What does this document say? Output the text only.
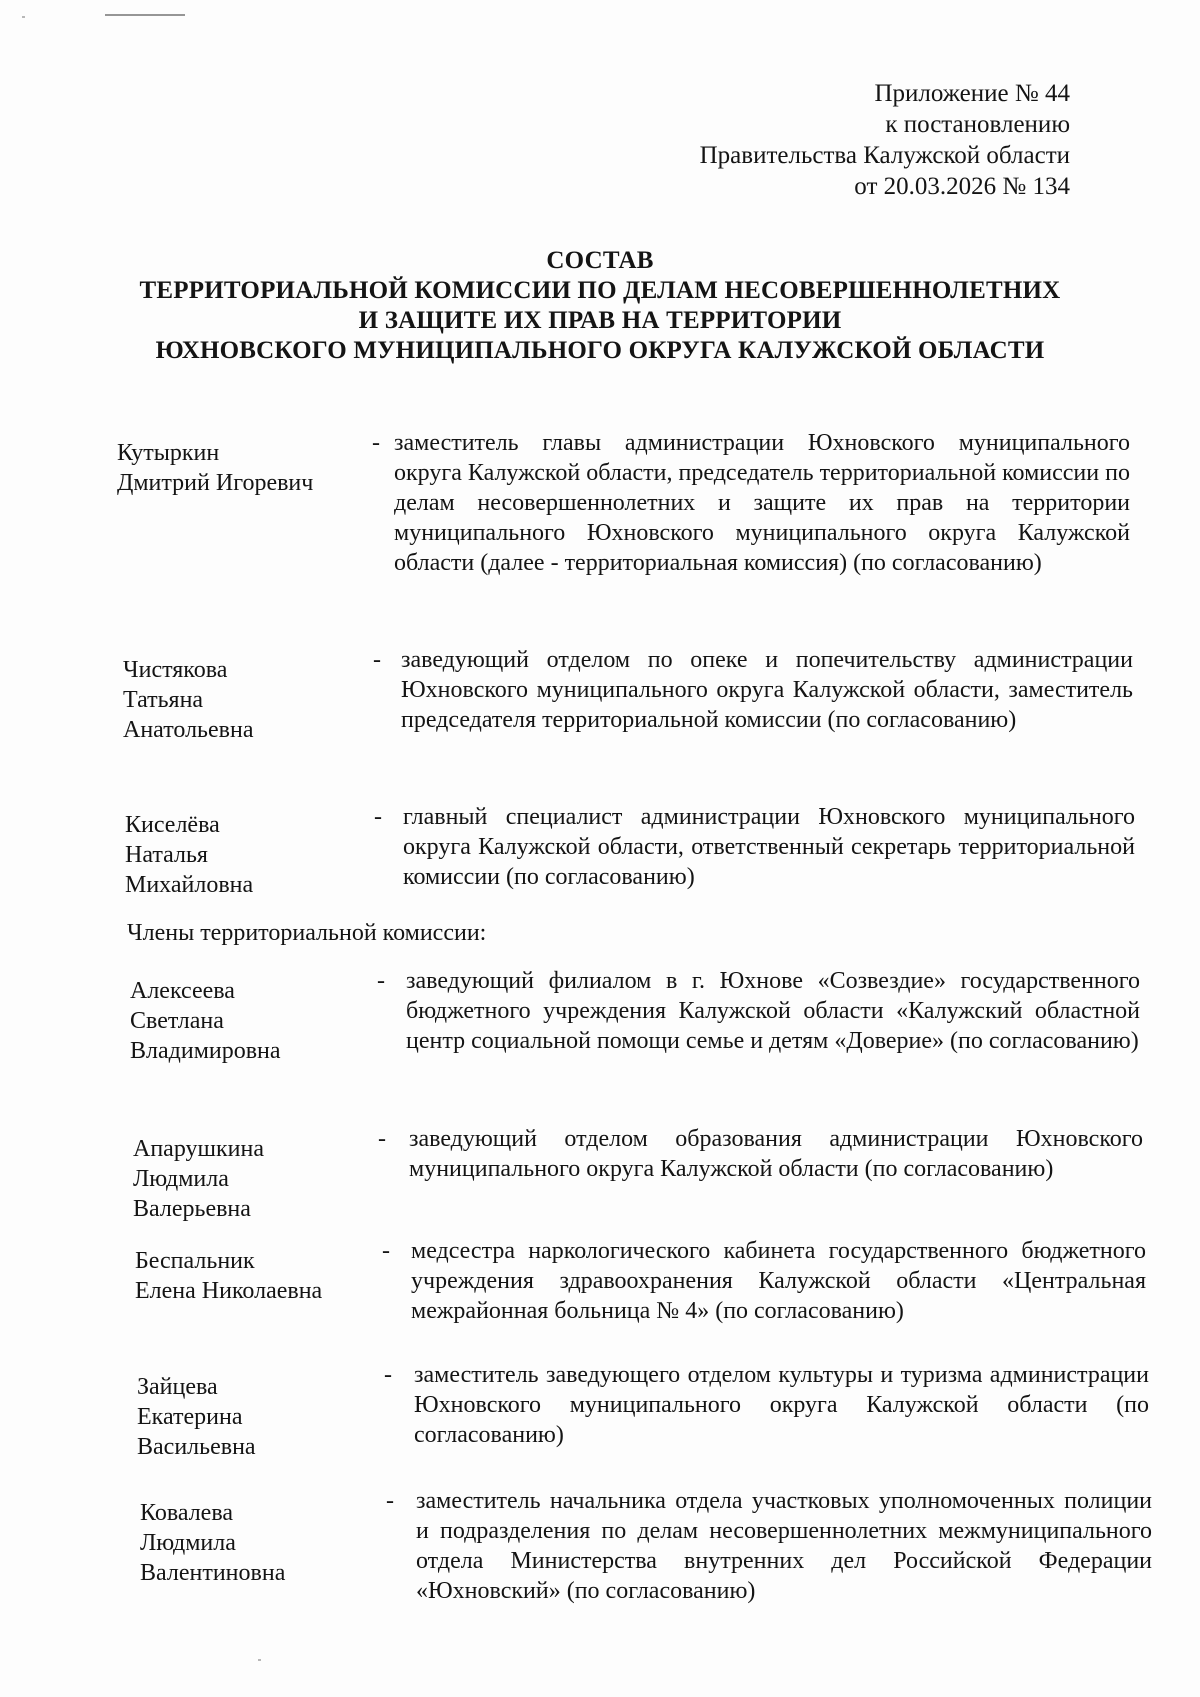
Приложение № 44
к постановлению
Правительства Калужской области
от 20.03.2026 № 134
СОСТАВ
ТЕРРИТОРИАЛЬНОЙ КОМИССИИ ПО ДЕЛАМ НЕСОВЕРШЕННОЛЕТНИХ
И ЗАЩИТЕ ИХ ПРАВ НА ТЕРРИТОРИИ
ЮХНОВСКОГО МУНИЦИПАЛЬНОГО ОКРУГА КАЛУЖСКОЙ ОБЛАСТИ
Кутыркин
Дмитрий Игоревич
- заместитель главы администрации Юхновского муниципального округа Калужской области, председатель территориальной комиссии по делам несовершеннолетних и защите их прав на территории муниципального Юхновского муниципального округа Калужской области (далее - территориальная комиссия) (по согласованию)
Чистякова
Татьяна
Анатольевна
- заведующий отделом по опеке и попечительству администрации Юхновского муниципального округа Калужской области, заместитель председателя территориальной комиссии (по согласованию)
Киселёва
Наталья
Михайловна
- главный специалист администрации Юхновского муниципального округа Калужской области, ответственный секретарь территориальной комиссии (по согласованию)
Члены территориальной комиссии:
Алексеева
Светлана
Владимировна
- заведующий филиалом в г. Юхнове «Созвездие» государственного бюджетного учреждения Калужской области «Калужский областной центр социальной помощи семье и детям «Доверие» (по согласованию)
Апарушкина
Людмила
Валерьевна
- заведующий отделом образования администрации Юхновского муниципального округа Калужской области (по согласованию)
Беспальник
Елена Николаевна
- медсестра наркологического кабинета государственного бюджетного учреждения здравоохранения Калужской области «Центральная межрайонная больница № 4» (по согласованию)
Зайцева
Екатерина
Васильевна
- заместитель заведующего отделом культуры и туризма администрации Юхновского муниципального округа Калужской области (по согласованию)
Ковалева
Людмила
Валентиновна
- заместитель начальника отдела участковых уполномоченных полиции и подразделения по делам несовершеннолетних межмуниципального отдела Министерства внутренних дел Российской Федерации «Юхновский» (по согласованию)
